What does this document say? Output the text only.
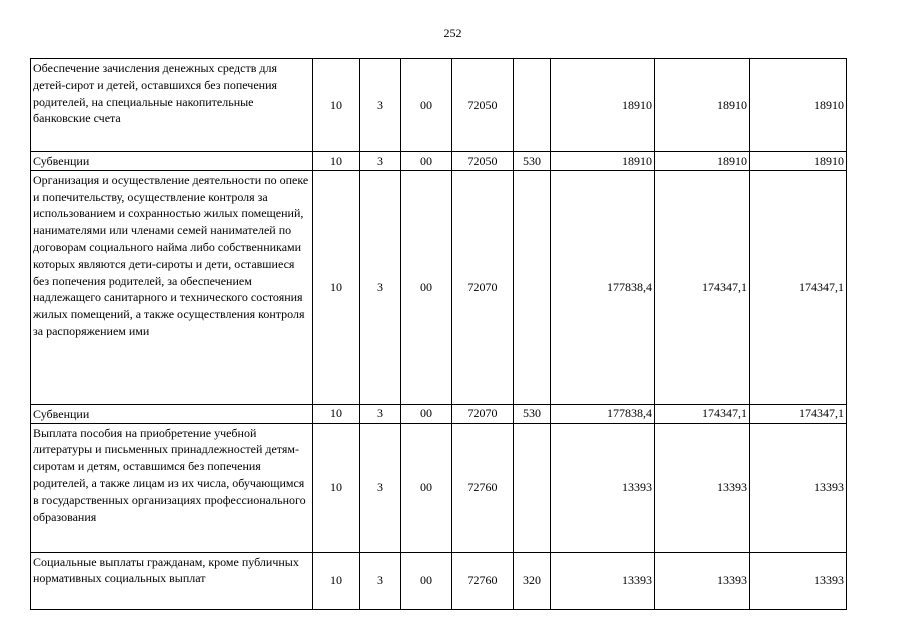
252
Обеспечение зачисления денежных средств для детей-сирот и детей, оставшихся без попечения родителей, на специальные накопительные банковские счета	10	3	00	72050		18910	18910	18910
Субвенции	10	3	00	72050	530	18910	18910	18910
Организация и осуществление деятельности по опеке и попечительству, осуществление контроля за использованием и сохранностью жилых помещений, нанимателями или членами семей нанимателей по договорам социального найма либо собственниками которых являются дети-сироты и дети, оставшиеся без попечения родителей, за обеспечением надлежащего санитарного и технического состояния жилых помещений, а также осуществления контроля за распоряжением ими	10	3	00	72070		177838,4	174347,1	174347,1
Субвенции	10	3	00	72070	530	177838,4	174347,1	174347,1
Выплата пособия на приобретение учебной литературы и письменных принадлежностей детям-сиротам и детям, оставшимся без попечения родителей, а также лицам из их числа, обучающимся в государственных организациях профессионального образования	10	3	00	72760		13393	13393	13393
Социальные выплаты гражданам, кроме публичных нормативных социальных выплат	10	3	00	72760	320	13393	13393	13393
